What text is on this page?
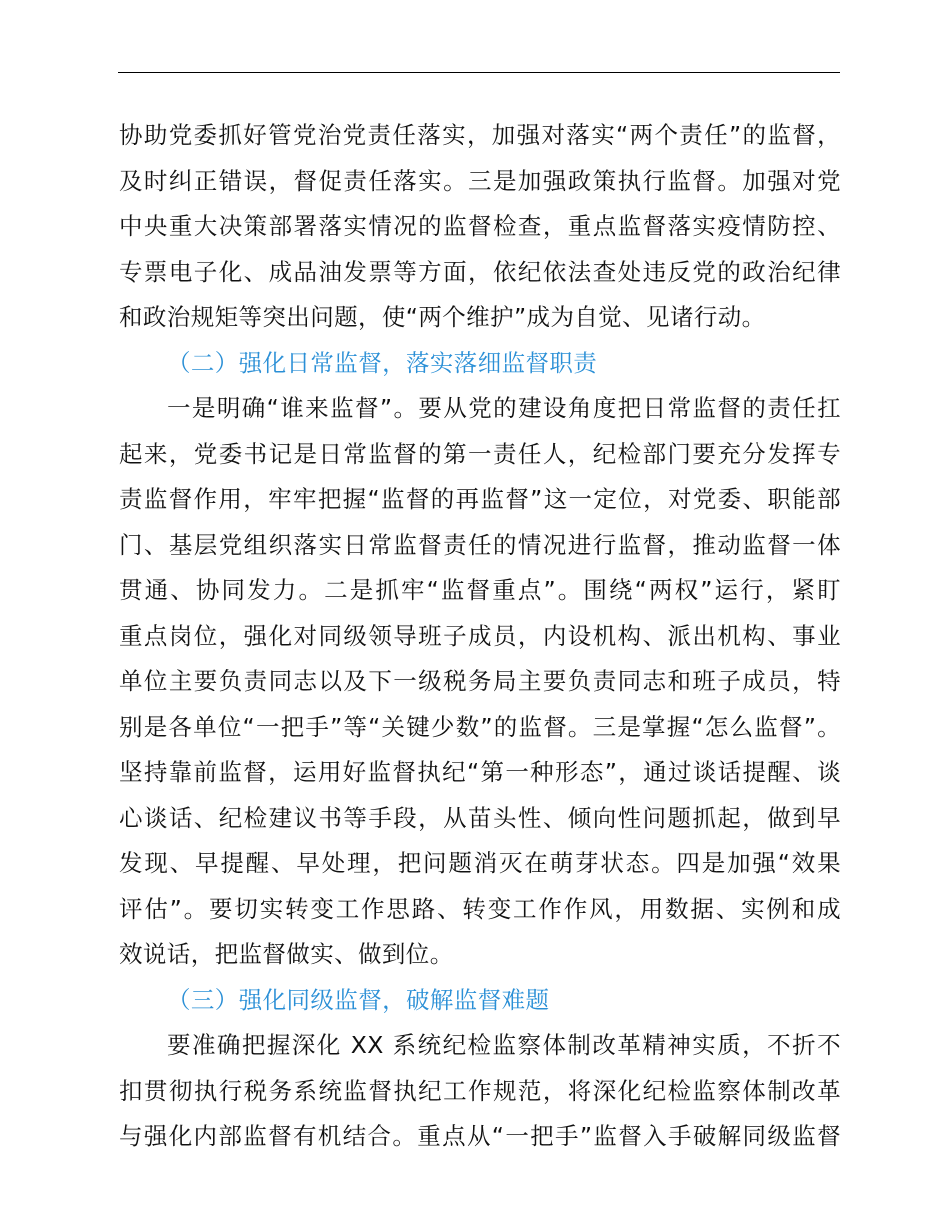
协助党委抓好管党治党责任落实，加强对落实“两个责任”的监督，
及时纠正错误，督促责任落实。三是加强政策执行监督。加强对党
中央重大决策部署落实情况的监督检查，重点监督落实疫情防控、
专票电子化、成品油发票等方面，依纪依法查处违反党的政治纪律
和政治规矩等突出问题，使“两个维护”成为自觉、见诸行动。
（二）强化日常监督，落实落细监督职责
一是明确“谁来监督”。要从党的建设角度把日常监督的责任扛
起来，党委书记是日常监督的第一责任人，纪检部门要充分发挥专
责监督作用，牢牢把握“监督的再监督”这一定位，对党委、职能部
门、基层党组织落实日常监督责任的情况进行监督，推动监督一体
贯通、协同发力。二是抓牢“监督重点”。围绕“两权”运行，紧盯
重点岗位，强化对同级领导班子成员，内设机构、派出机构、事业
单位主要负责同志以及下一级税务局主要负责同志和班子成员，特
别是各单位“一把手”等“关键少数”的监督。三是掌握“怎么监督”。
坚持靠前监督，运用好监督执纪“第一种形态”，通过谈话提醒、谈
心谈话、纪检建议书等手段，从苗头性、倾向性问题抓起，做到早
发现、早提醒、早处理，把问题消灭在萌芽状态。四是加强“效果
评估”。要切实转变工作思路、转变工作作风，用数据、实例和成
效说话，把监督做实、做到位。
（三）强化同级监督，破解监督难题
要准确把握深化 XX 系统纪检监察体制改革精神实质，不折不
扣贯彻执行税务系统监督执纪工作规范，将深化纪检监察体制改革
与强化内部监督有机结合。重点从“一把手”监督入手破解同级监督
